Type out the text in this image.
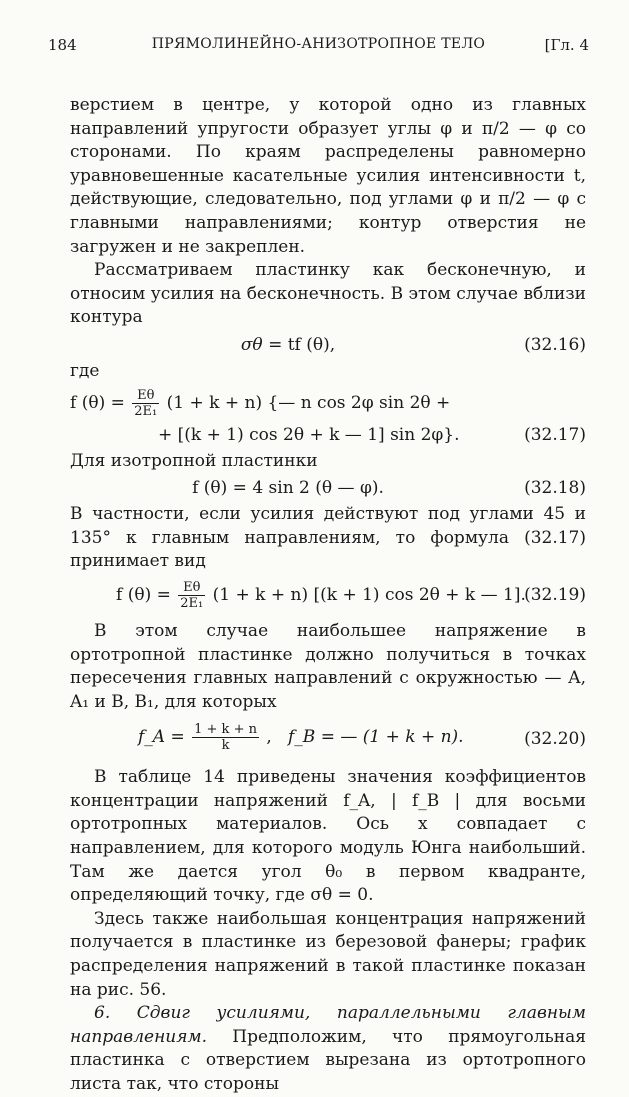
184	ПРЯМОЛИНЕЙНО-АНИЗОТРОПНОЕ ТЕЛО	[Гл. 4

верстием в центре, у которой одно из главных направлений упругости образует углы φ и π/2 — φ со сторонами. По краям распределены равномерно уравновешенные касательные усилия интенсивности t, действующие, следовательно, под углами φ и π/2 — φ с главными направлениями; контур отверстия не загружен и не закреплен.

Рассматриваем пластинку как бесконечную, и относим усилия на бесконечность. В этом случае вблизи контура

σθ = tf (θ),	(32.16)

где

f $(\theta) = \frac{E\theta}{\text{2E₁}} (1 + k + n)$ {— n cos 2φ sin 2θ +
+ [(k + 1) cos 2θ + k — 1] sin 2φ}.	(32.17)

Для изотропной пластинки

f (θ) = 4 sin 2 (θ — φ).	(32.18)

В частности, если усилия действуют под углами 45 и 135° к главным направлениям, то формула (32.17) принимает вид

f $(\theta) = \frac{E\theta}{\text{2E₁}} (1 + k + n) [(k + 1)$ cos 2θ + k — 1].
(32.19)

В этом случае наибольшее напряжение в ортотропной пластинке должно получиться в точках пересечения главных направлений с окружностью — A, A₁ и B, B₁, для которых

f_A = $\frac{1 + k + n}{k}$ , f_B = — (1 + k + n).	(32.20)

В таблице 14 приведены значения коэффициентов концентрации напряжений f_A, | f_B | для восьми ортотропных материалов. Ось x совпадает с направлением, для которого модуль Юнга наибольший. Там же дается угол θ₀ в первом квадранте, определяющий точку, где σθ = 0.

Здесь также наибольшая концентрация напряжений получается в пластинке из березовой фанеры; график распределения напряжений в такой пластинке показан на рис. 56.

6. Сдвиг усилиями, параллельными главным направлениям. Предположим, что прямоугольная пластинка с отверстием вырезана из ортотропного листа так, что стороны
